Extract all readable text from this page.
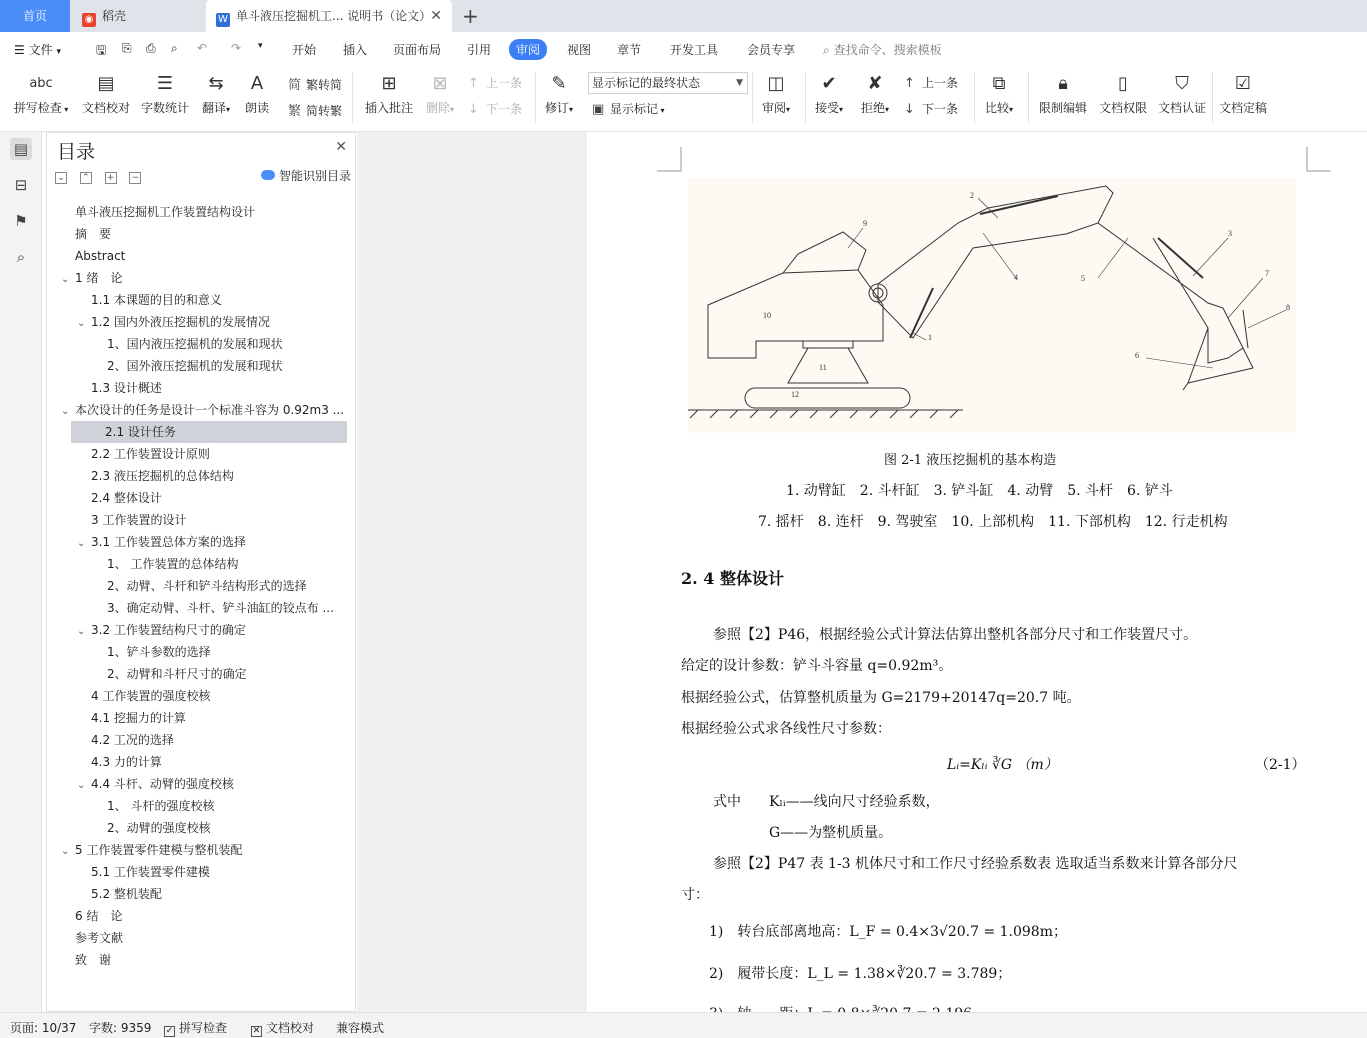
首页	◉ 稻壳	W 单斗液压挖掘机工... 说明书（论文） ✕ +
☰ 文件 ▾	🖫 ⎘ ⎙ ⌕ ↶ ↷ ▾ 开始 插入 页面布局 引用	审阅	视图 章节 开发工具 会员专享 ⌕ 查找命令、搜索模板
abc
拼写检查 ▾
▤
文档校对
☰
字数统计
⇆
翻译▾
A
朗读
简 繁转简
繁 简转繁
⊞
插入批注
⊠
删除▾
↑ 上一条
↓ 下一条
✎
修订▾
显示标记的最终状态	▼
▣ 显示标记 ▾
◫
审阅▾
✔
接受▾
✘
拒绝▾
↑ 上一条
↓ 下一条
⧉
比较▾
🔒︎
限制编辑
▯
文档权限
⛉
文档认证
☑
文档定稿
▤
⊟
⚑
⌕
目录	✕
⌄ ⌃ + −	智能识别目录
单斗液压挖掘机工作装置结构设计
摘　要
Abstract
⌄ 1 绪　论
1.1 本课题的目的和意义
⌄ 1.2 国内外液压挖掘机的发展情况
1、国内液压挖掘机的发展和现状
2、国外液压挖掘机的发展和现状
1.3 设计概述
⌄ 本次设计的任务是设计一个标准斗容为 0.92m3 ...
2.1 设计任务
2.2 工作装置设计原则
2.3 液压挖掘机的总体结构
2.4 整体设计
3 工作装置的设计
⌄ 3.1 工作装置总体方案的选择
1、 工作装置的总体结构
2、动臂、斗杆和铲斗结构形式的选择
3、确定动臂、斗杆、铲斗油缸的铰点布 ...
⌄ 3.2 工作装置结构尺寸的确定
1、铲斗参数的选择
2、动臂和斗杆尺寸的确定
4 工作装置的强度校核
4.1 挖掘力的计算
4.2 工况的选择
4.3 力的计算
⌄ 4.4 斗杆、动臂的强度校核
1、 斗杆的强度校核
2、动臂的强度校核
⌄ 5 工作装置零件建模与整机装配
5.1 工作装置零件建模
5.2 整机装配
6 结　论
参考文献
致　谢
9
2
3
7
8
10
4	5
1
11
6
12
图 2-1 液压挖掘机的基本构造
1. 动臂缸　2. 斗杆缸　3. 铲斗缸　4. 动臂　5. 斗杆　6. 铲斗
7. 摇杆　8. 连杆　9. 驾驶室　10. 上部机构　11. 下部机构　12. 行走机构
2. 4 整体设计
参照【2】P46，根据经验公式计算法估算出整机各部分尺寸和工作装置尺寸。
给定的设计参数：铲斗斗容量 q=0.92m³。
根据经验公式，估算整机质量为 G=2179+20147q=20.7 吨。
根据经验公式求各线性尺寸参数：
Lᵢ=Kₗᵢ ∛G （m）	（2-1）
式中　　Kₗᵢ——线向尺寸经验系数，
G——为整机质量。
参照【2】P47 表 1-3 机体尺寸和工作尺寸经验系数表 选取适当系数来计算各部分尺
寸：
1)　转台底部离地高：L_F = 0.4×3√20.7 = 1.098m；
2)　履带长度：L_L = 1.38×∛20.7 = 3.789；
页面: 10/37 字数: 9359 ✓ 拼写检查	✕ 文档校对 兼容模式
